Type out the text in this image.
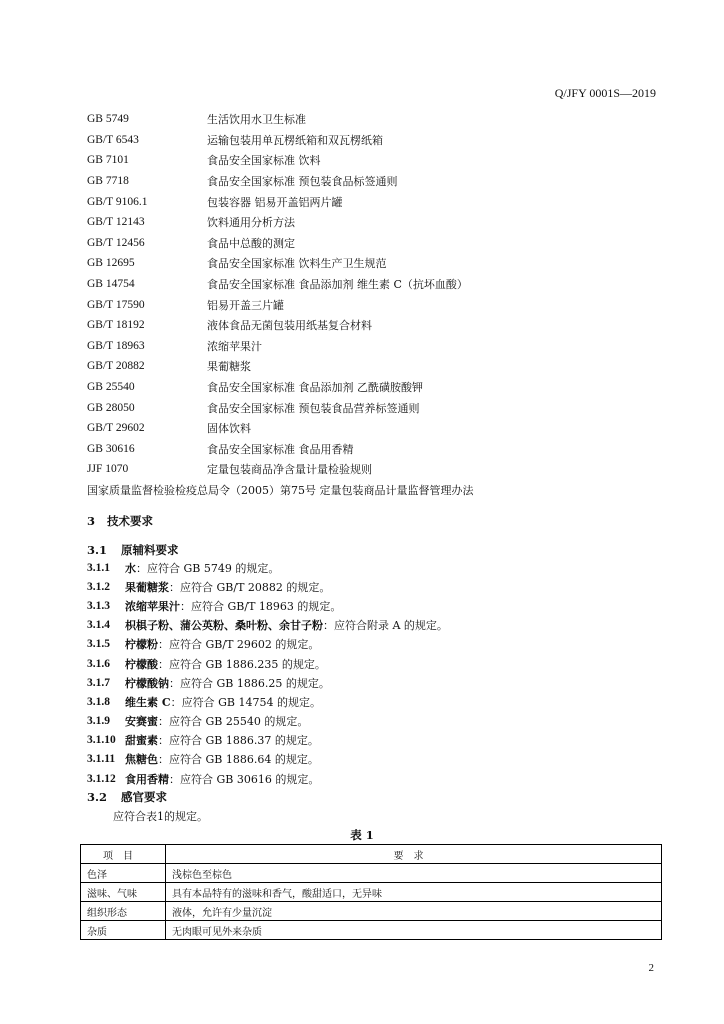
Q/JFY 0001S—2019
GB 5749	生活饮用水卫生标准
GB/T 6543	运输包装用单瓦楞纸箱和双瓦楞纸箱
GB 7101	食品安全国家标准 饮料
GB 7718	食品安全国家标准 预包装食品标签通则
GB/T 9106.1	包装容器 铝易开盖铝两片罐
GB/T 12143	饮料通用分析方法
GB/T 12456	食品中总酸的测定
GB 12695	食品安全国家标准 饮料生产卫生规范
GB 14754	食品安全国家标准 食品添加剂 维生素 C（抗坏血酸）
GB/T 17590	铝易开盖三片罐
GB/T 18192	液体食品无菌包装用纸基复合材料
GB/T 18963	浓缩苹果汁
GB/T 20882	果葡糖浆
GB 25540	食品安全国家标准 食品添加剂 乙酰磺胺酸钾
GB 28050	食品安全国家标准 预包装食品营养标签通则
GB/T 29602	固体饮料
GB 30616	食品安全国家标准 食品用香精
JJF 1070	定量包装商品净含量计量检验规则
国家质量监督检验检疫总局令（2005）第75号 定量包装商品计量监督管理办法
3 技术要求
3.1 原辅料要求
3.1.1	水 ：应符合 GB 5749 的规定。
3.1.2	果葡糖浆 ：应符合 GB/T 20882 的规定。
3.1.3	浓缩苹果汁 ：应符合 GB/T 18963 的规定。
3.1.4	枳椇子粉、蒲公英粉、桑叶粉、余甘子粉 ：应符合附录 A 的规定。
3.1.5	柠檬粉 ：应符合 GB/T 29602 的规定。
3.1.6	柠檬酸 ：应符合 GB 1886.235 的规定。
3.1.7	柠檬酸钠 ：应符合 GB 1886.25 的规定。
3.1.8	维生素 C ：应符合 GB 14754 的规定。
3.1.9	安赛蜜 ：应符合 GB 25540 的规定。
3.1.10 甜蜜素 ：应符合 GB 1886.37 的规定。
3.1.11 焦糖色 ：应符合 GB 1886.64 的规定。
3.1.12 食用香精 ：应符合 GB 30616 的规定。
3.2 感官要求
应符合表1的规定。
表 1
项目	要求
色泽	浅棕色至棕色
滋味、气味	具有本品特有的滋味和香气，酸甜适口，无异味
组织形态	液体，允许有少量沉淀
杂质	无肉眼可见外来杂质
2
